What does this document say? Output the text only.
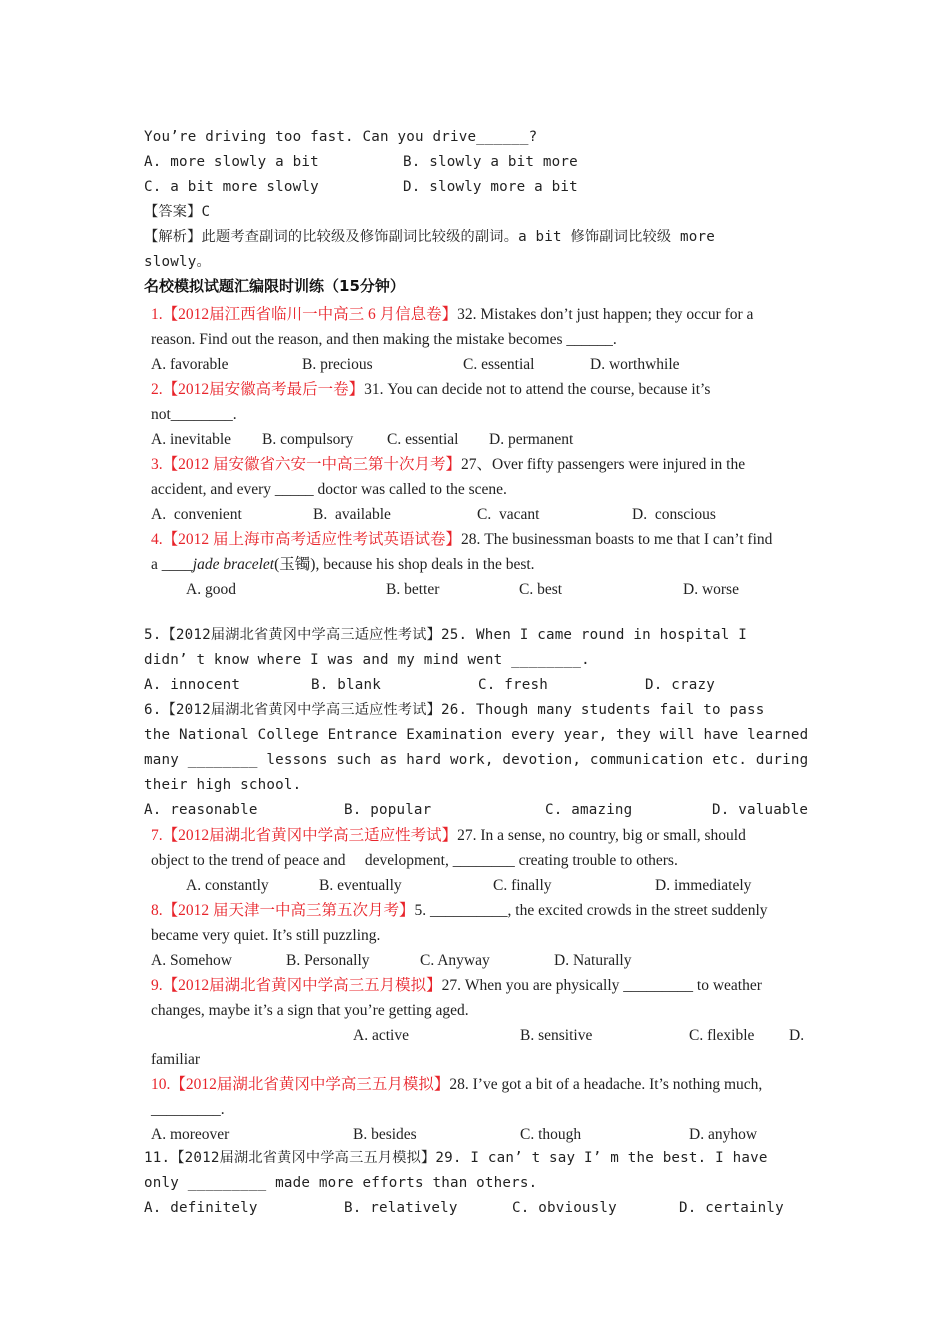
You’re driving too fast. Can you drive______?
A. more slowly a bit	B. slowly a bit more
C. a bit more slowly	D. slowly more a bit
【答案】C
【解析】此题考查副词的比较级及修饰副词比较级的副词。a bit 修饰副词比较级 more
slowly。
名校模拟试题汇编限时训练（15分钟）
1.【2012届江西省临川一中高三 6 月信息卷】32. Mistakes don’t just happen; they occur for a
reason. Find out the reason, and then making the mistake becomes ______.
A. favorable	B. precious	C. essential	D. worthwhile
2.【2012届安徽高考最后一卷】31. You can decide not to attend the course, because it’s
not________.
A. inevitable B. compulsory C. essential D. permanent
3.【2012 届安徽省六安一中高三第十次月考】27、Over fifty passengers were injured in the
accident, and every _____ doctor was called to the scene.
A.  convenient	B.  available	C.  vacant	D.  conscious
4.【2012 届上海市高考适应性考试英语试卷】28. The businessman boasts to me that I can’t find
a ____jade bracelet(玉镯), because his shop deals in the best.
A. good	B. better	C. best	D. worse
5.【2012届湖北省黄冈中学高三适应性考试】25. When I came round in hospital I
didn’ t know where I was and my mind went ________.
A. innocent	B. blank	C. fresh	D. crazy
6.【2012届湖北省黄冈中学高三适应性考试】26. Though many students fail to pass
the National College Entrance Examination every year, they will have learned
many ________ lessons such as hard work, devotion, communication etc. during
their high school.
A. reasonable	B. popular	C. amazing	D. valuable
7.【2012届湖北省黄冈中学高三适应性考试】27. In a sense, no country, big or small, should
object to the trend of peace and     development, ________ creating trouble to others.
A. constantly	B. eventually	C. finally	D. immediately
8.【2012 届天津一中高三第五次月考】5. __________, the excited crowds in the street suddenly
became very quiet. It’s still puzzling.
A. Somehow	B. Personally	C. Anyway	D. Naturally
9.【2012届湖北省黄冈中学高三五月模拟】27. When you are physically _________ to weather
changes, maybe it’s a sign that you’re getting aged.
A. active	B. sensitive	C. flexible D.
familiar
10.【2012届湖北省黄冈中学高三五月模拟】28. I’ve got a bit of a headache. It’s nothing much,
_________.
A. moreover	B. besides	C. though	D. anyhow
11.【2012届湖北省黄冈中学高三五月模拟】29. I can’ t say I’ m the best. I have
only _________ made more efforts than others.
A. definitely	B. relatively	C. obviously	D. certainly
